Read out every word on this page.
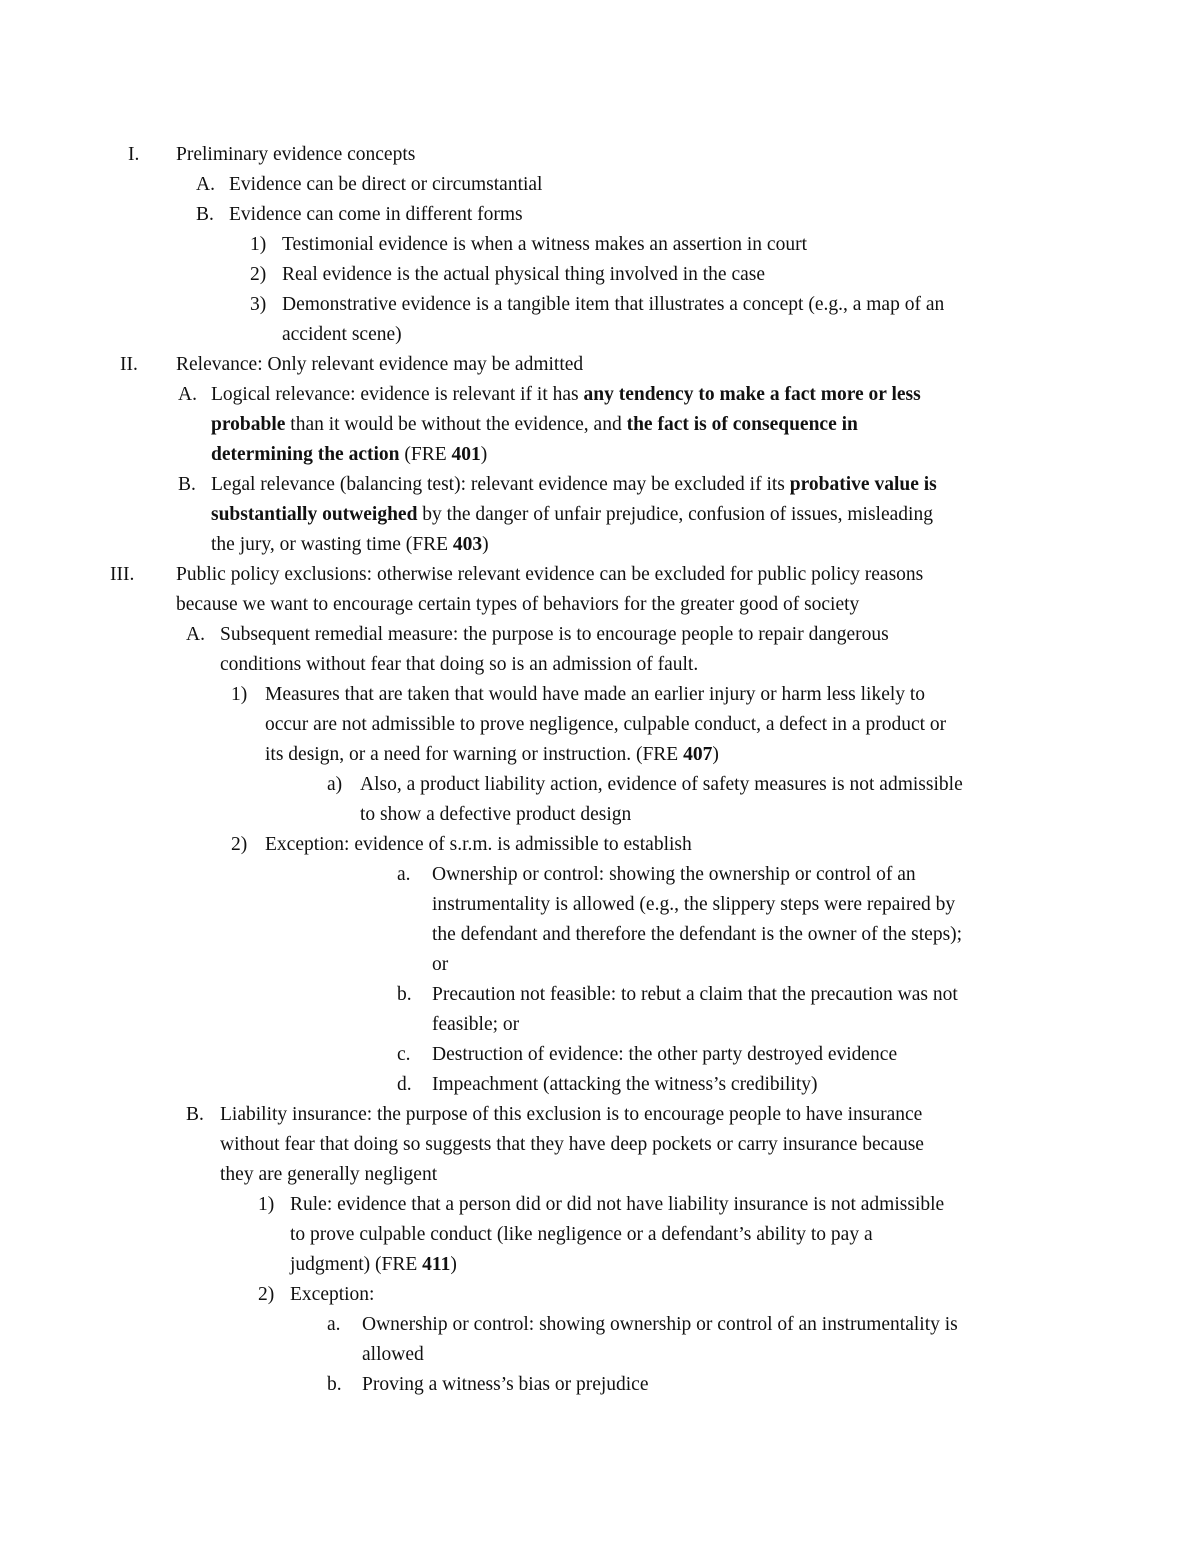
I. Preliminary evidence concepts
A. Evidence can be direct or circumstantial
B. Evidence can come in different forms
1) Testimonial evidence is when a witness makes an assertion in court
2) Real evidence is the actual physical thing involved in the case
3) Demonstrative evidence is a tangible item that illustrates a concept (e.g., a map of an
accident scene)
II. Relevance: Only relevant evidence may be admitted
A. Logical relevance: evidence is relevant if it has any tendency to make a fact more or less
probable than it would be without the evidence, and the fact is of consequence in
determining the action (FRE 401)
B. Legal relevance (balancing test): relevant evidence may be excluded if its probative value is
substantially outweighed by the danger of unfair prejudice, confusion of issues, misleading
the jury, or wasting time (FRE 403)
III. Public policy exclusions: otherwise relevant evidence can be excluded for public policy reasons
because we want to encourage certain types of behaviors for the greater good of society
A. Subsequent remedial measure: the purpose is to encourage people to repair dangerous
conditions without fear that doing so is an admission of fault.
1) Measures that are taken that would have made an earlier injury or harm less likely to
occur are not admissible to prove negligence, culpable conduct, a defect in a product or
its design, or a need for warning or instruction. (FRE 407)
a) Also, a product liability action, evidence of safety measures is not admissible
to show a defective product design
2) Exception: evidence of s.r.m. is admissible to establish
a. Ownership or control: showing the ownership or control of an
instrumentality is allowed (e.g., the slippery steps were repaired by
the defendant and therefore the defendant is the owner of the steps);
or
b. Precaution not feasible: to rebut a claim that the precaution was not
feasible; or
c. Destruction of evidence: the other party destroyed evidence
d. Impeachment (attacking the witness’s credibility)
B. Liability insurance: the purpose of this exclusion is to encourage people to have insurance
without fear that doing so suggests that they have deep pockets or carry insurance because
they are generally negligent
1) Rule: evidence that a person did or did not have liability insurance is not admissible
to prove culpable conduct (like negligence or a defendant’s ability to pay a
judgment) (FRE 411)
2) Exception:
a. Ownership or control: showing ownership or control of an instrumentality is
allowed
b. Proving a witness’s bias or prejudice
